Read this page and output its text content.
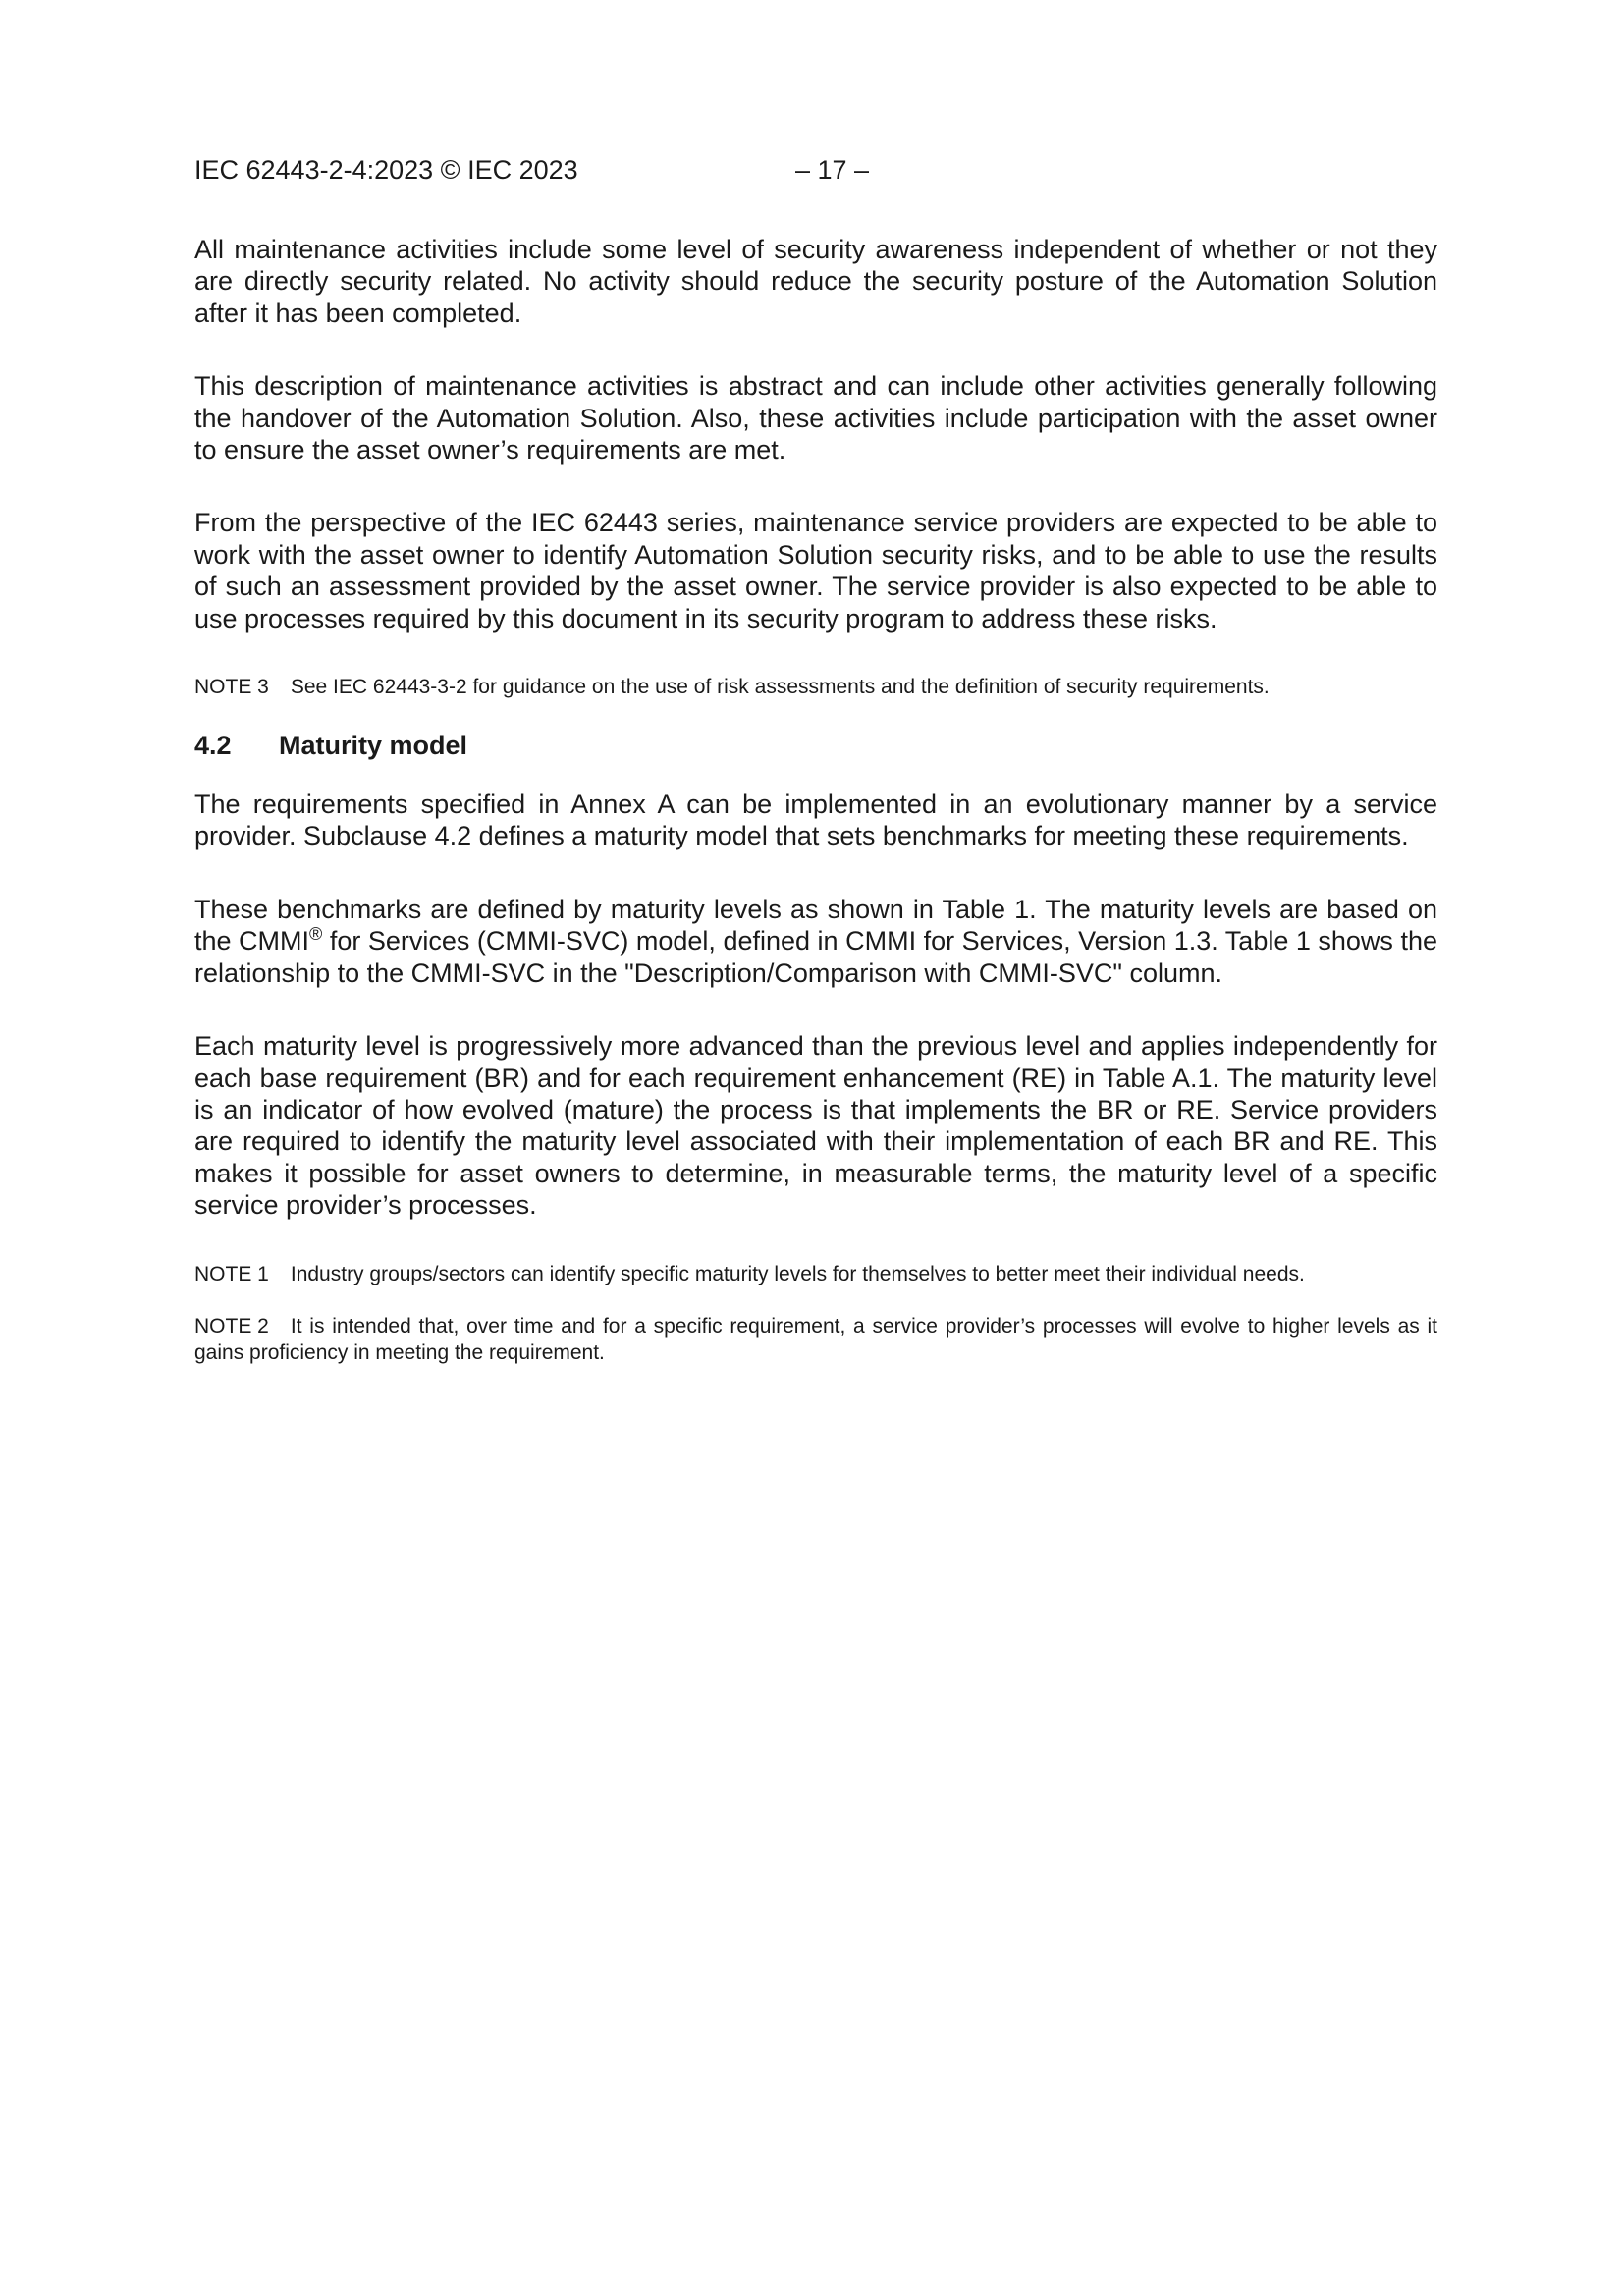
IEC 62443-2-4:2023 © IEC 2023	– 17 –

All maintenance activities include some level of security awareness independent of whether or not they are directly security related. No activity should reduce the security posture of the Automation Solution after it has been completed.

This description of maintenance activities is abstract and can include other activities generally following the handover of the Automation Solution. Also, these activities include participation with the asset owner to ensure the asset owner’s requirements are met.

From the perspective of the IEC 62443 series, maintenance service providers are expected to be able to work with the asset owner to identify Automation Solution security risks, and to be able to use the results of such an assessment provided by the asset owner. The service provider is also expected to be able to use processes required by this document in its security program to address these risks.

NOTE 3 See IEC 62443-3-2 for guidance on the use of risk assessments and the definition of security requirements.

4.2 Maturity model

The requirements specified in Annex A can be implemented in an evolutionary manner by a service provider. Subclause 4.2 defines a maturity model that sets benchmarks for meeting these requirements.

These benchmarks are defined by maturity levels as shown in Table 1. The maturity levels are based on the CMMI® for Services (CMMI-SVC) model, defined in CMMI for Services, Version 1.3. Table 1 shows the relationship to the CMMI-SVC in the "Description/Comparison with CMMI-SVC" column.

Each maturity level is progressively more advanced than the previous level and applies independently for each base requirement (BR) and for each requirement enhancement (RE) in Table A.1. The maturity level is an indicator of how evolved (mature) the process is that implements the BR or RE. Service providers are required to identify the maturity level associated with their implementation of each BR and RE. This makes it possible for asset owners to determine, in measurable terms, the maturity level of a specific service provider’s processes.

NOTE 1 Industry groups/sectors can identify specific maturity levels for themselves to better meet their individual needs.

NOTE 2 It is intended that, over time and for a specific requirement, a service provider’s processes will evolve to higher levels as it gains proficiency in meeting the requirement.
